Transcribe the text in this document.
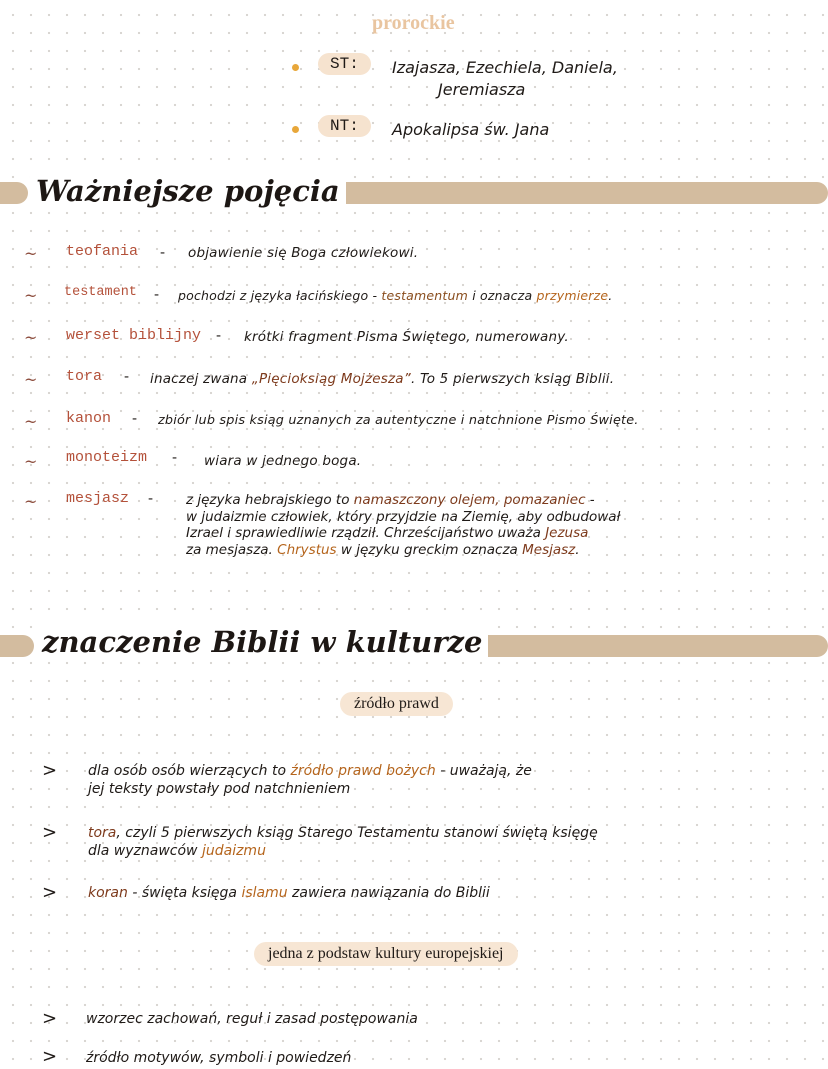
prorockie
ST:	Izajasza, Ezechiela, Daniela,
Jeremiasza
NT:	Apokalipsa św. Jana
Ważniejsze pojęcia
~ teofania - objawienie się Boga człowiekowi.
~ testament - pochodzi z języka łacińskiego - testamentum i oznacza przymierze.
~ werset biblijny - krótki fragment Pisma Świętego, numerowany.
~ tora - inaczej zwana „Pięcioksiąg Mojżesza”. To 5 pierwszych ksiąg Biblii.
~ kanon - zbiór lub spis ksiąg uznanych za autentyczne i natchnione Pismo Święte.
~ monoteizm - wiara w jednego boga.
~ mesjasz - z języka hebrajskiego to namaszczony olejem, pomazaniec -
w judaizmie człowiek, który przyjdzie na Ziemię, aby odbudował
Izrael i sprawiedliwie rządził. Chrześcijaństwo uważa Jezusa
za mesjasza. Chrystus w języku greckim oznacza Mesjasz.
znaczenie Biblii w kulturze
źródło prawd
> dla osób osób wierzących to źródło prawd bożych - uważają, że
jej teksty powstały pod natchnieniem
> tora, czyli 5 pierwszych ksiąg Starego Testamentu stanowi świętą księgę
dla wyznawców judaizmu
> koran - święta księga islamu zawiera nawiązania do Biblii
jedna z podstaw kultury europejskiej
> wzorzec zachowań, reguł i zasad postępowania
> źródło motywów, symboli i powiedzeń
